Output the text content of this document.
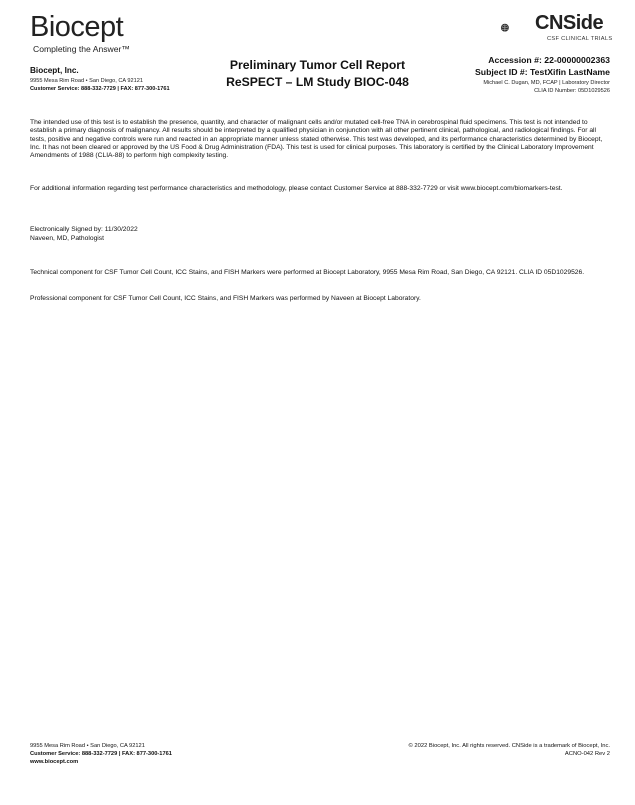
Biocept
Completing the Answer™
Biocept, Inc.
9955 Mesa Rim Road • San Diego, CA 92121
Customer Service: 888-332-7729 | FAX: 877-300-1761
Preliminary Tumor Cell Report
ReSPECT – LM Study BIOC-048
CNSide
CSF CLINICAL TRIALS
Accession #: 22-00000002363
Subject ID #: TestXifin LastName
Michael C. Dugan, MD, FCAP | Laboratory Director
CLIA ID Number: 05D1029526

The intended use of this test is to establish the presence, quantity, and character of malignant cells and/or mutated cell-free TNA in cerebrospinal fluid specimens. This test is not intended to establish a primary diagnosis of malignancy. All results should be interpreted by a qualified physician in conjunction with all other pertinent clinical, pathological, and radiological findings. For all tests, positive and negative controls were run and reacted in an appropriate manner unless stated otherwise. This test was developed, and its performance characteristics determined by Biocept, Inc. It has not been cleared or approved by the US Food & Drug Administration (FDA). This test is used for clinical purposes. This laboratory is certified by the Clinical Laboratory Improvement Amendments of 1988 (CLIA-88) to perform high complexity testing.

For additional information regarding test performance characteristics and methodology, please contact Customer Service at 888-332-7729 or visit www.biocept.com/biomarkers-test.

Electronically Signed by: 11/30/2022

Naveen, MD, Pathologist

Technical component for CSF Tumor Cell Count, ICC Stains, and FISH Markers were performed at Biocept Laboratory, 9955 Mesa Rim Road, San Diego, CA 92121. CLIA ID 05D1029526.

Professional component for CSF Tumor Cell Count, ICC Stains, and FISH Markers was performed by Naveen at Biocept Laboratory.

9955 Mesa Rim Road • San Diego, CA 92121
Customer Service: 888-332-7729 | FAX: 877-300-1761
www.biocept.com
© 2022 Biocept, Inc. All rights reserved. CNSide is a trademark of Biocept, Inc.
ACNO-042 Rev 2
